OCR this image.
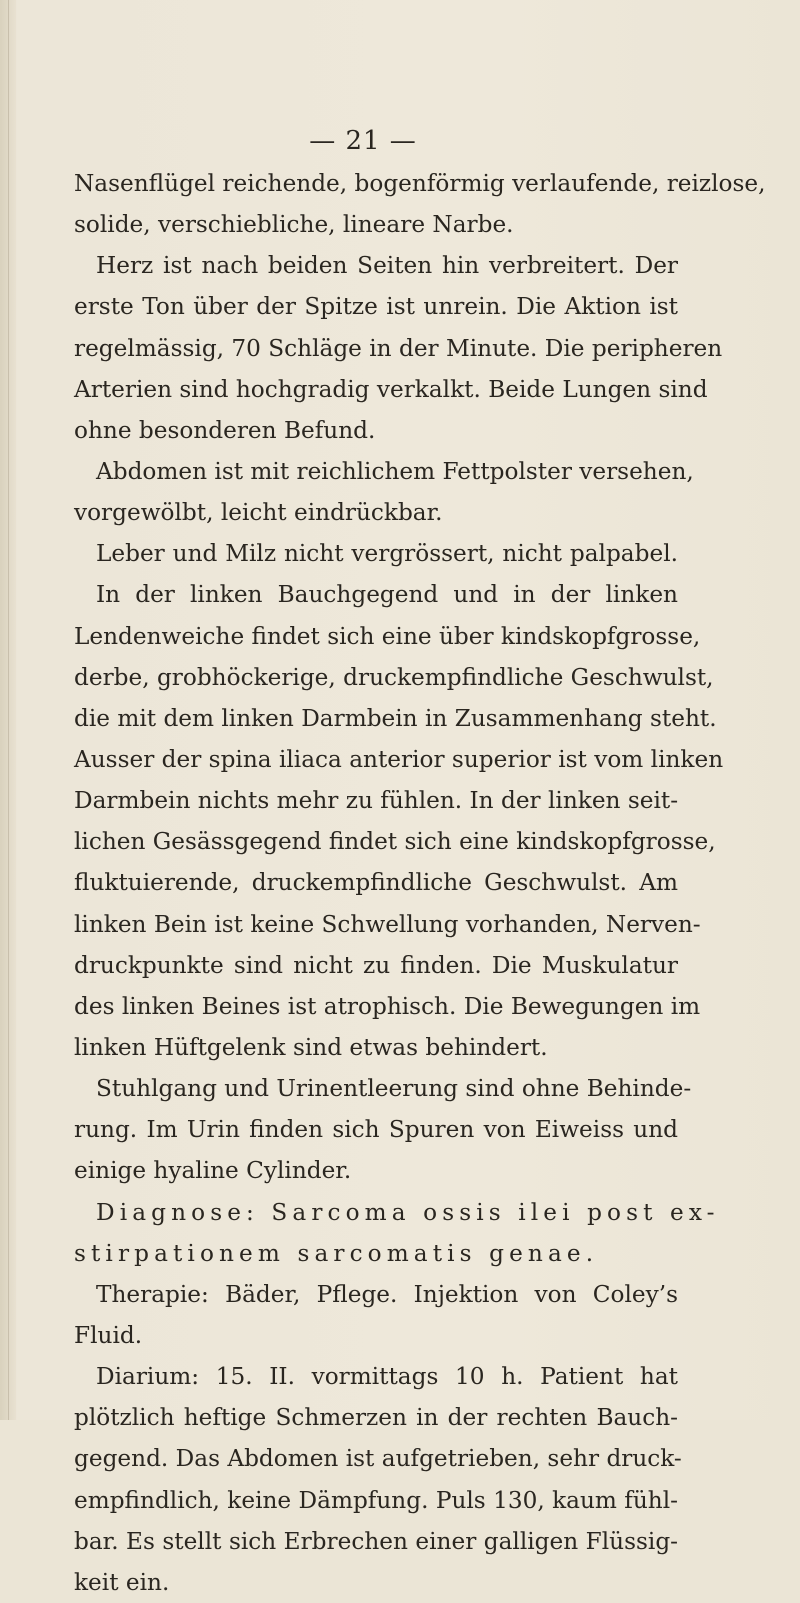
— 21 —
Nasenflügel reichende, bogenförmig verlaufende, reizlose,
solide, verschiebliche, lineare Narbe.
Herz ist nach beiden Seiten hin verbreitert. Der
erste Ton über der Spitze ist unrein. Die Aktion ist
regelmässig, 70 Schläge in der Minute. Die peripheren
Arterien sind hochgradig verkalkt. Beide Lungen sind
ohne besonderen Befund.
Abdomen ist mit reichlichem Fettpolster versehen,
vorgewölbt, leicht eindrückbar.
Leber und Milz nicht vergrössert, nicht palpabel.
In der linken Bauchgegend und in der linken
Lendenweiche findet sich eine über kindskopfgrosse,
derbe, grobhöckerige, druckempfindliche Geschwulst,
die mit dem linken Darmbein in Zusammenhang steht.
Ausser der spina iliaca anterior superior ist vom linken
Darmbein nichts mehr zu fühlen. In der linken seit-
lichen Gesässgegend findet sich eine kindskopfgrosse,
fluktuierende, druckempfindliche Geschwulst. Am
linken Bein ist keine Schwellung vorhanden, Nerven-
druckpunkte sind nicht zu finden. Die Muskulatur
des linken Beines ist atrophisch. Die Bewegungen im
linken Hüftgelenk sind etwas behindert.
Stuhlgang und Urinentleerung sind ohne Behinde-
rung. Im Urin finden sich Spuren von Eiweiss und
einige hyaline Cylinder.
Diagnose: Sarcoma ossis ilei post ex-
stirpationem sarcomatis genae.
Therapie: Bäder, Pflege. Injektion von Coley’s
Fluid.
Diarium: 15. II. vormittags 10 h. Patient hat
plötzlich heftige Schmerzen in der rechten Bauch-
gegend. Das Abdomen ist aufgetrieben, sehr druck-
empfindlich, keine Dämpfung. Puls 130, kaum fühl-
bar. Es stellt sich Erbrechen einer galligen Flüssig-
keit ein.
